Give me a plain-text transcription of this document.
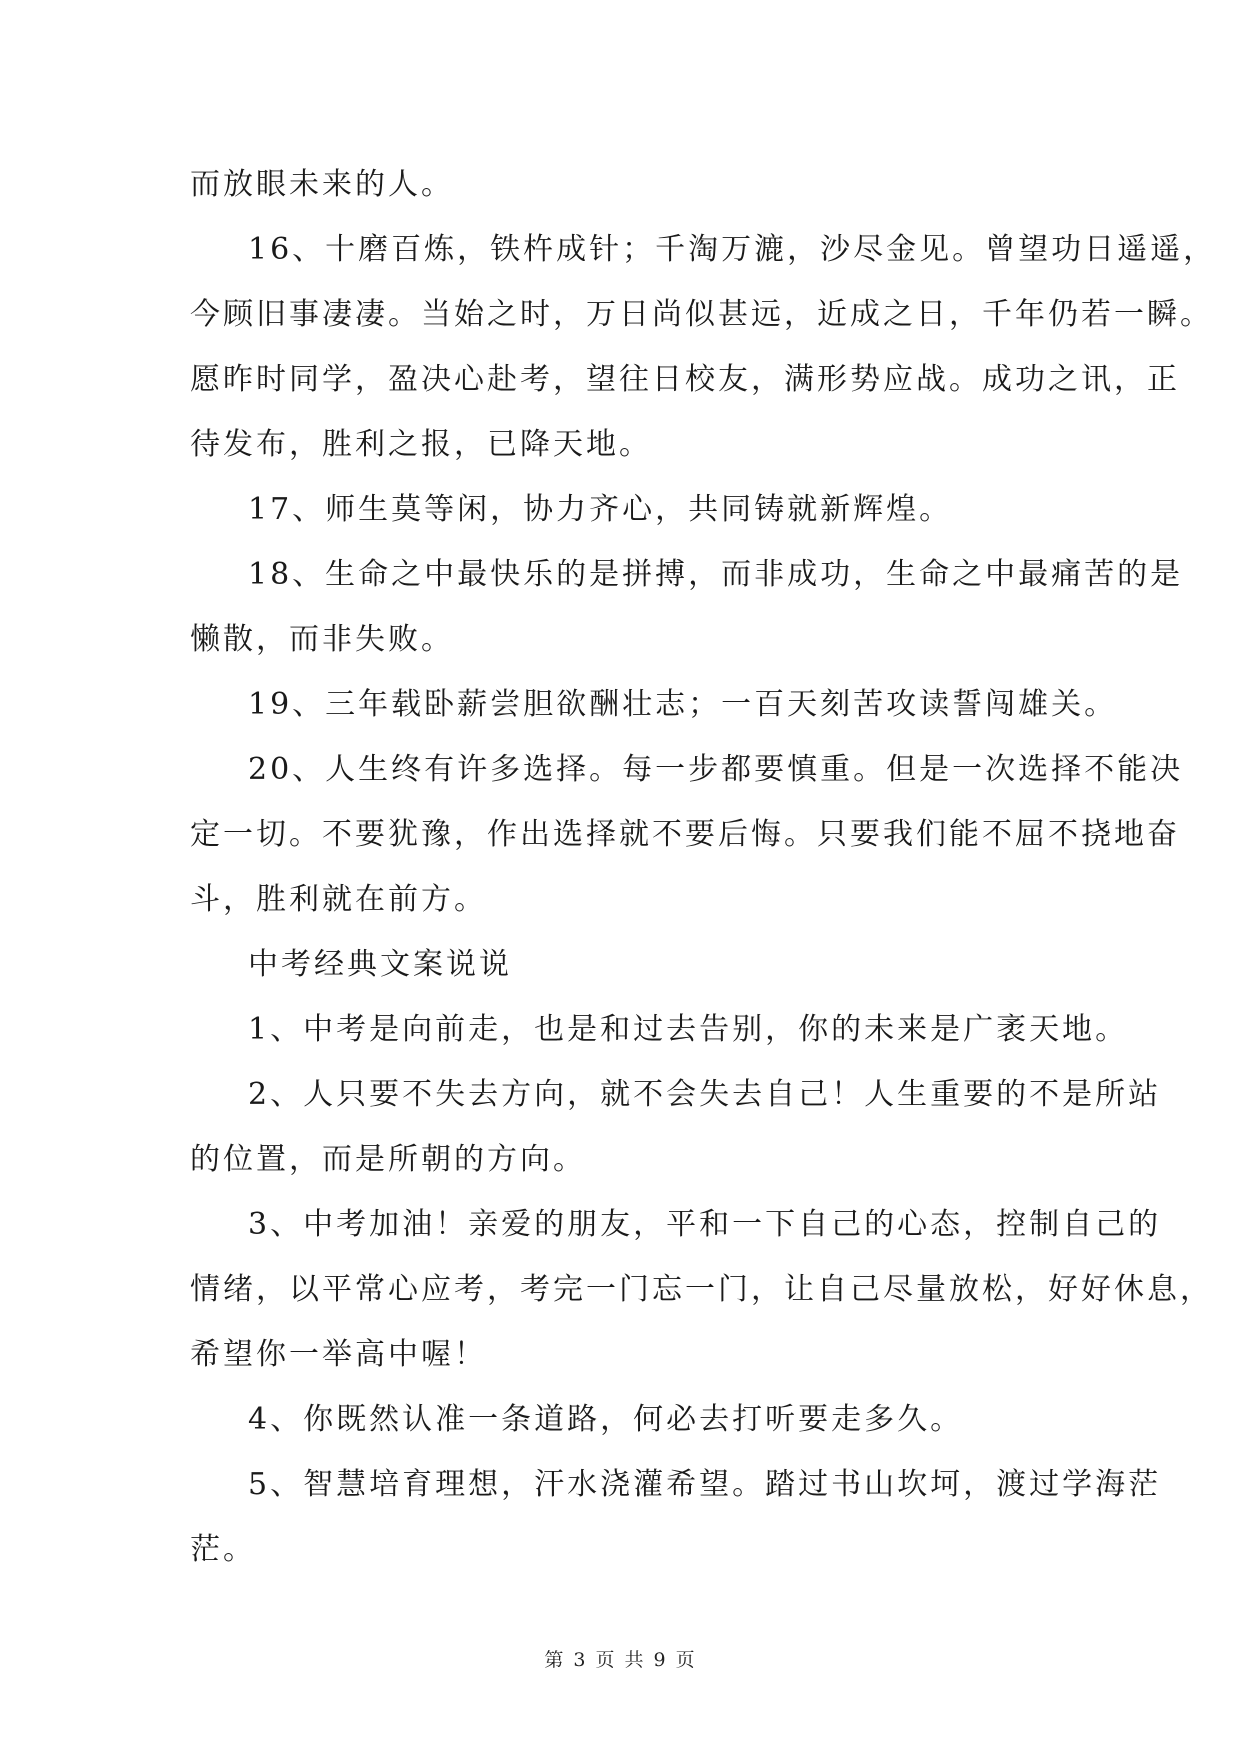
而放眼未来的人。

16、十磨百炼，铁杵成针；千淘万漉，沙尽金见。曾望功日遥遥，
今顾旧事凄凄。当始之时，万日尚似甚远，近成之日，千年仍若一瞬。
愿昨时同学，盈决心赴考，望往日校友，满形势应战。成功之讯，正
待发布，胜利之报，已降天地。

17、师生莫等闲，协力齐心，共同铸就新辉煌。

18、生命之中最快乐的是拼搏，而非成功，生命之中最痛苦的是
懒散，而非失败。

19、三年载卧薪尝胆欲酬壮志；一百天刻苦攻读誓闯雄关。

20、人生终有许多选择。每一步都要慎重。但是一次选择不能决
定一切。不要犹豫，作出选择就不要后悔。只要我们能不屈不挠地奋
斗，胜利就在前方。

中考经典文案说说

1、中考是向前走，也是和过去告别，你的未来是广袤天地。

2、人只要不失去方向，就不会失去自己！人生重要的不是所站
的位置，而是所朝的方向。

3、中考加油！亲爱的朋友，平和一下自己的心态，控制自己的
情绪，以平常心应考，考完一门忘一门，让自己尽量放松，好好休息，
希望你一举高中喔！

4、你既然认准一条道路，何必去打听要走多久。

5、智慧培育理想，汗水浇灌希望。踏过书山坎坷，渡过学海茫
茫。

第 3 页 共 9 页
